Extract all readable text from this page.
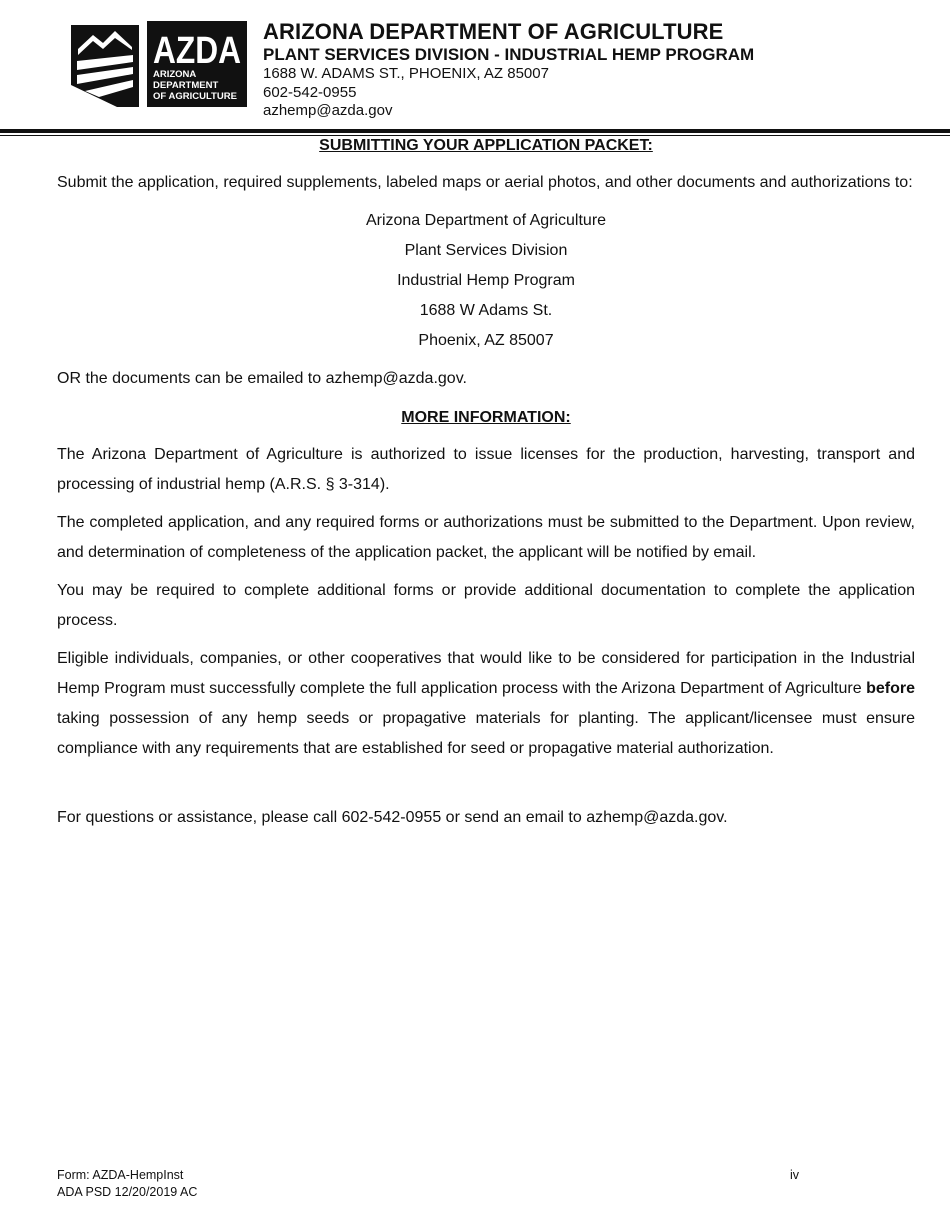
AZDA
ARIZONA
DEPARTMENT
OF AGRICULTURE
ARIZONA DEPARTMENT OF AGRICULTURE
PLANT SERVICES DIVISION - INDUSTRIAL HEMP PROGRAM
1688 W. ADAMS ST., PHOENIX, AZ 85007
602-542-0955
azhemp@azda.gov
SUBMITTING YOUR APPLICATION PACKET:

Submit the application, required supplements, labeled maps or aerial photos, and other documents and authorizations to:

Arizona Department of Agriculture
Plant Services Division
Industrial Hemp Program
1688 W Adams St.
Phoenix, AZ 85007

OR the documents can be emailed to azhemp@azda.gov.

MORE INFORMATION:

The Arizona Department of Agriculture is authorized to issue licenses for the production, harvesting, transport and processing of industrial hemp (A.R.S. § 3-314).

The completed application, and any required forms or authorizations must be submitted to the Department. Upon review, and determination of completeness of the application packet, the applicant will be notified by email.

You may be required to complete additional forms or provide additional documentation to complete the application process.

Eligible individuals, companies, or other cooperatives that would like to be considered for participation in the Industrial Hemp Program must successfully complete the full application process with the Arizona Department of Agriculture before taking possession of any hemp seeds or propagative materials for planting. The applicant/licensee must ensure compliance with any requirements that are established for seed or propagative material authorization.

For questions or assistance, please call 602-542-0955 or send an email to azhemp@azda.gov.

Form: AZDA-HempInst
ADA PSD 12/20/2019 AC
iv
